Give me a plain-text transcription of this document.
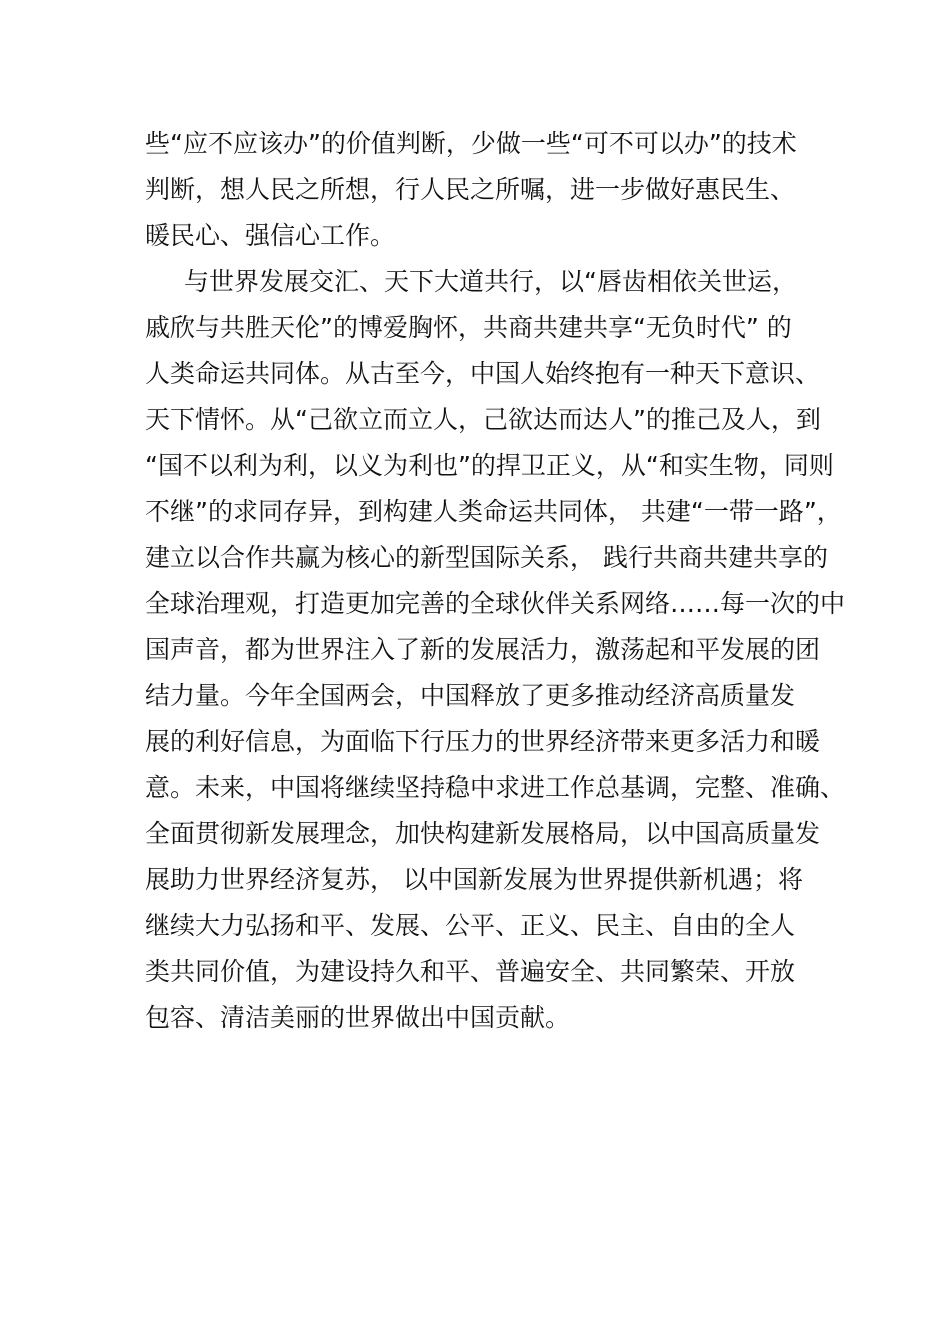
些“应不应该办”的价值判断，少做一些“可不可以办”的技术
判断，想人民之所想，行人民之所嘱，进一步做好惠民生、
暖民心、强信心工作。
与世界发展交汇、天下大道共行，以“唇齿相依关世运，
戚欣与共胜天伦”的博爱胸怀，共商共建共享“无负时代” 的
人类命运共同体。从古至今，中国人始终抱有一种天下意识、
天下情怀。从“己欲立而立人，己欲达而达人”的推己及人，到
“国不以利为利，以义为利也”的捍卫正义，从“和实生物，同则
不继”的求同存异，到构建人类命运共同体， 共建“一带一路”，
建立以合作共赢为核心的新型国际关系， 践行共商共建共享的
全球治理观，打造更加完善的全球伙伴关系网络……每一次的中
国声音，都为世界注入了新的发展活力，激荡起和平发展的团
结力量。今年全国两会，中国释放了更多推动经济高质量发
展的利好信息，为面临下行压力的世界经济带来更多活力和暖
意。未来，中国将继续坚持稳中求进工作总基调，完整、准确、
全面贯彻新发展理念，加快构建新发展格局，以中国高质量发
展助力世界经济复苏， 以中国新发展为世界提供新机遇；将
继续大力弘扬和平、发展、公平、正义、民主、自由的全人
类共同价值，为建设持久和平、普遍安全、共同繁荣、开放
包容、清洁美丽的世界做出中国贡献。
